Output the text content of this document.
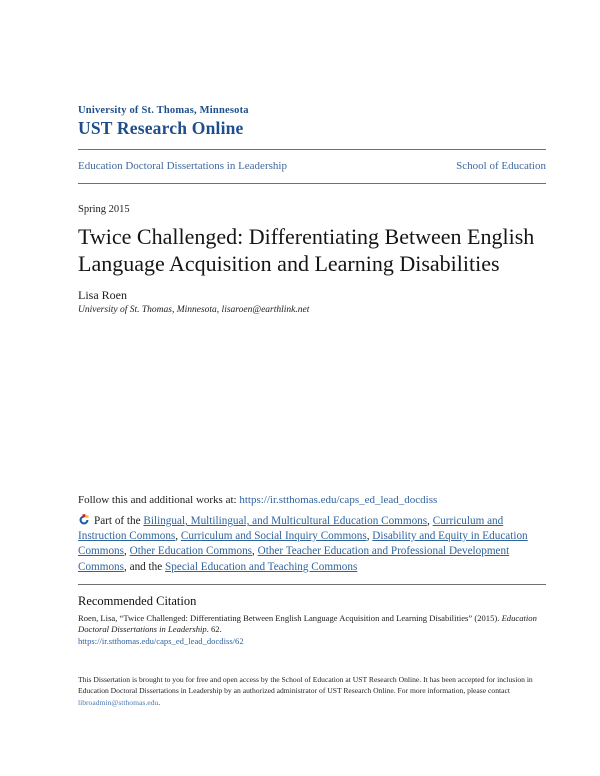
University of St. Thomas, Minnesota
UST Research Online
Education Doctoral Dissertations in Leadership	School of Education
Spring 2015
Twice Challenged: Differentiating Between English Language Acquisition and Learning Disabilities
Lisa Roen
University of St. Thomas, Minnesota, lisaroen@earthlink.net
Follow this and additional works at: https://ir.stthomas.edu/caps_ed_lead_docdiss

Part of the Bilingual, Multilingual, and Multicultural Education Commons, Curriculum and Instruction Commons, Curriculum and Social Inquiry Commons, Disability and Equity in Education Commons, Other Education Commons, Other Teacher Education and Professional Development Commons, and the Special Education and Teaching Commons

Recommended Citation

Roen, Lisa, “Twice Challenged: Differentiating Between English Language Acquisition and Learning Disabilities” (2015). Education Doctoral Dissertations in Leadership. 62.

https://ir.stthomas.edu/caps_ed_lead_docdiss/62

This Dissertation is brought to you for free and open access by the School of Education at UST Research Online. It has been accepted for inclusion in Education Doctoral Dissertations in Leadership by an authorized administrator of UST Research Online. For more information, please contact libroadmin@stthomas.edu.
